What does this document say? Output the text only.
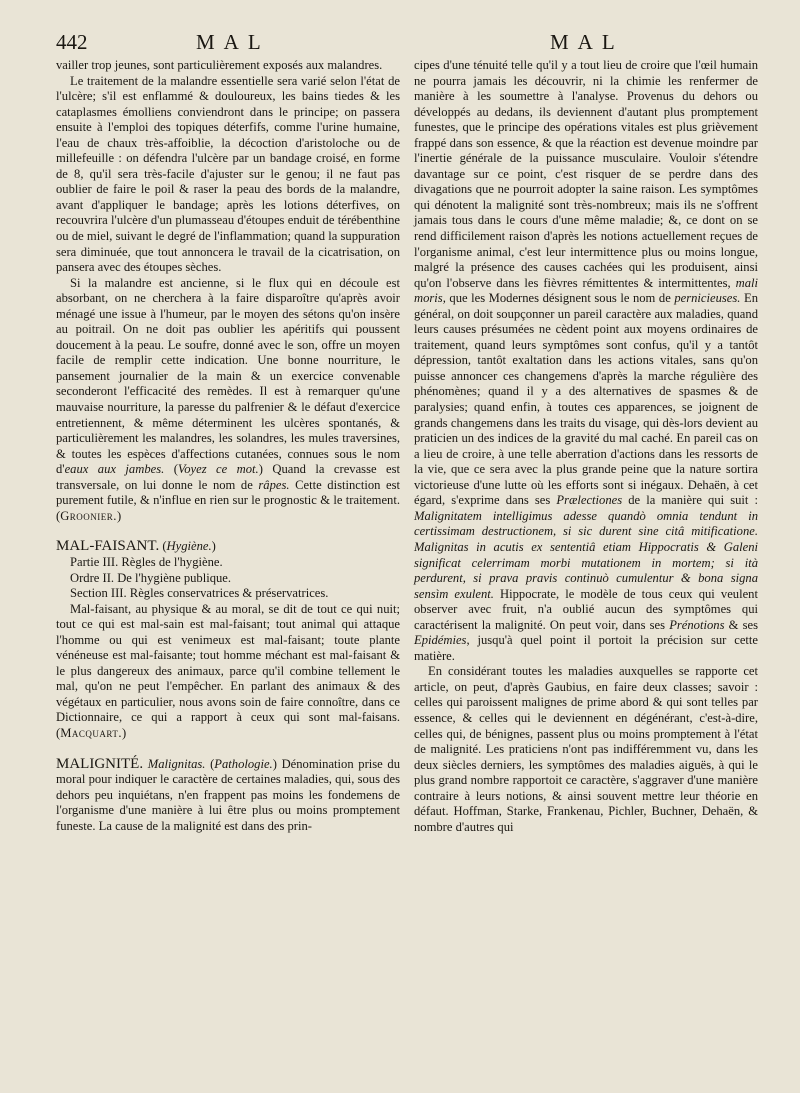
442	MAL	MAL

vailler trop jeunes, sont particulièrement exposés aux malandres.

Le traitement de la malandre essentielle sera varié selon l'état de l'ulcère; s'il est enflammé & douloureux, les bains tiedes & les cataplasmes émolliens conviendront dans le principe; on passera ensuite à l'emploi des topiques déterfifs, comme l'urine humaine, l'eau de chaux très-affoiblie, la décoction d'aristoloche ou de millefeuille : on défendra l'ulcère par un bandage croisé, en forme de 8, qu'il sera très-facile d'ajuster sur le genou; il ne faut pas oublier de faire le poil & raser la peau des bords de la malandre, avant d'appliquer le bandage; après les lotions déterfives, on recouvrira l'ulcère d'un plumasseau d'étoupes enduit de térébenthine ou de miel, suivant le degré de l'inflammation; quand la suppuration sera diminuée, que tout annoncera le travail de la cicatrisation, on pansera avec des étoupes sèches.

Si la malandre est ancienne, si le flux qui en découle est absorbant, on ne cherchera à la faire disparoître qu'après avoir ménagé une issue à l'humeur, par le moyen des sétons qu'on insère au poitrail. On ne doit pas oublier les apéritifs qui poussent doucement à la peau. Le soufre, donné avec le son, offre un moyen facile de remplir cette indication. Une bonne nourriture, le pansement journalier de la main & un exercice convenable seconderont l'efficacité des remèdes. Il est à remarquer qu'une mauvaise nourriture, la paresse du palfrenier & le défaut d'exercice entretiennent, & même déterminent les ulcères spontanés, & particulièrement les malandres, les solandres, les mules traversines, & toutes les espèces d'affections cutanées, connues sous le nom d'eaux aux jambes. (Voyez ce mot.) Quand la crevasse est transversale, on lui donne le nom de râpes. Cette distinction est purement futile, & n'influe en rien sur le prognostic & le traitement. (Groonier.)

MAL-FAISANT. (Hygiène.)

Partie III. Règles de l'hygiène.

Ordre II. De l'hygiène publique.

Section III. Règles conservatrices & préservatrices.

Mal-faisant, au physique & au moral, se dit de tout ce qui nuit; tout ce qui est mal-sain est mal-faisant; tout animal qui attaque l'homme ou qui est venimeux est mal-faisant; toute plante vénéneuse est mal-faisante; tout homme méchant est mal-faisant & le plus dangereux des animaux, parce qu'il combine tellement le mal, qu'on ne peut l'empêcher. En parlant des animaux & des végétaux en particulier, nous avons soin de faire connoître, dans ce Dictionnaire, ce qui a rapport à ceux qui sont mal-faisans. (Macquart.)

MALIGNITÉ. Malignitas. (Pathologie.) Dénomination prise du moral pour indiquer le caractère de certaines maladies, qui, sous des dehors peu inquiétans, n'en frappent pas moins les fondemens de l'organisme d'une manière à lui être plus ou moins promptement funeste. La cause de la malignité est dans des prin-

cipes d'une ténuité telle qu'il y a tout lieu de croire que l'œil humain ne pourra jamais les découvrir, ni la chimie les renfermer de manière à les soumettre à l'analyse. Provenus du dehors ou développés au dedans, ils deviennent d'autant plus promptement funestes, que le principe des opérations vitales est plus grièvement frappé dans son essence, & que la réaction est devenue moindre par l'inertie générale de la puissance musculaire. Vouloir s'étendre davantage sur ce point, c'est risquer de se perdre dans des divagations que ne pourroit adopter la saine raison. Les symptômes qui dénotent la malignité sont très-nombreux; mais ils ne s'offrent jamais tous dans le cours d'une même maladie; &, ce dont on se rend difficilement raison d'après les notions actuellement reçues de l'organisme animal, c'est leur intermittence plus ou moins longue, malgré la présence des causes cachées qui les produisent, ainsi qu'on l'observe dans les fièvres rémittentes & intermittentes, mali moris, que les Modernes désignent sous le nom de pernicieuses. En général, on doit soupçonner un pareil caractère aux maladies, quand leurs causes présumées ne cèdent point aux moyens ordinaires de traitement, quand leurs symptômes sont confus, qu'il y a tantôt dépression, tantôt exaltation dans les actions vitales, sans qu'on puisse annoncer ces changemens d'après la marche régulière des phénomènes; quand il y a des alternatives de spasmes & de paralysies; quand enfin, à toutes ces apparences, se joignent de grands changemens dans les traits du visage, qui dès-lors devient au praticien un des indices de la gravité du mal caché. En pareil cas on a lieu de croire, à une telle aberration d'actions dans les ressorts de la vie, que ce sera avec la plus grande peine que la nature sortira victorieuse d'une lutte où les efforts sont si inégaux. Dehaën, à cet égard, s'exprime dans ses Prælectiones de la manière qui suit : Malignitatem intelligimus adesse quandò omnia tendunt in certissimam destructionem, si sic durent sine citâ mitificatione. Malignitas in acutis ex sententiâ etiam Hippocratis & Galeni significat celerrimam morbi mutationem in mortem; si ità perdurent, si prava pravis continuò cumulentur & bona signa sensìm exulent. Hippocrate, le modèle de tous ceux qui veulent observer avec fruit, n'a oublié aucun des symptômes qui caractérisent la malignité. On peut voir, dans ses Prénotions & ses Epidémies, jusqu'à quel point il portoit la précision sur cette matière.

En considérant toutes les maladies auxquelles se rapporte cet article, on peut, d'après Gaubius, en faire deux classes; savoir : celles qui paroissent malignes de prime abord & qui sont telles par essence, & celles qui le deviennent en dégénérant, c'est-à-dire, celles qui, de bénignes, passent plus ou moins promptement à l'état de malignité. Les praticiens n'ont pas indifféremment vu, dans les deux siècles derniers, les symptômes des maladies aiguës, à qui le plus grand nombre rapportoit ce caractère, s'aggraver d'une manière contraire à leurs notions, & ainsi souvent mettre leur théorie en défaut. Hoffman, Starke, Frankenau, Pichler, Buchner, Dehaën, & nombre d'autres qui
